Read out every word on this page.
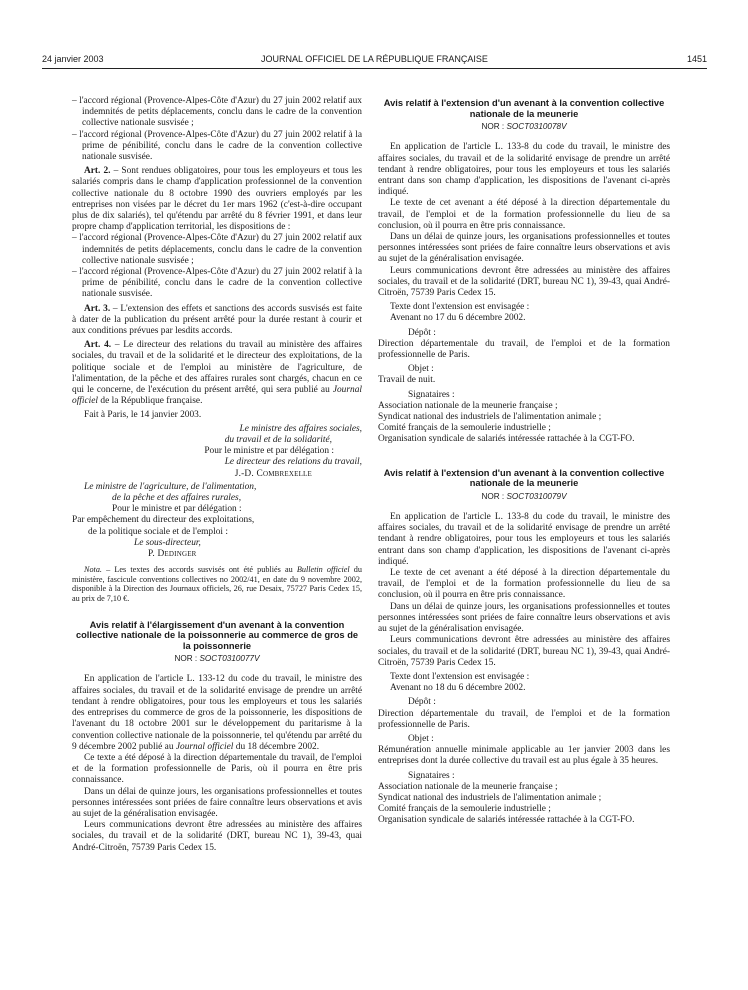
24 janvier 2003	JOURNAL OFFICIEL DE LA RÉPUBLIQUE FRANÇAISE	1451

– l'accord régional (Provence-Alpes-Côte d'Azur) du 27 juin 2002 relatif aux indemnités de petits déplacements, conclu dans le cadre de la convention collective nationale susvisée ;

– l'accord régional (Provence-Alpes-Côte d'Azur) du 27 juin 2002 relatif à la prime de pénibilité, conclu dans le cadre de la convention collective nationale susvisée.

Art. 2. – Sont rendues obligatoires, pour tous les employeurs et tous les salariés compris dans le champ d'application professionnel de la convention collective nationale du 8 octobre 1990 des ouvriers employés par les entreprises non visées par le décret du 1er mars 1962 (c'est-à-dire occupant plus de dix salariés), tel qu'étendu par arrêté du 8 février 1991, et dans leur propre champ d'application territorial, les dispositions de :

– l'accord régional (Provence-Alpes-Côte d'Azur) du 27 juin 2002 relatif aux indemnités de petits déplacements, conclu dans le cadre de la convention collective nationale susvisée ;

– l'accord régional (Provence-Alpes-Côte d'Azur) du 27 juin 2002 relatif à la prime de pénibilité, conclu dans le cadre de la convention collective nationale susvisée.

Art. 3. – L'extension des effets et sanctions des accords susvisés est faite à dater de la publication du présent arrêté pour la durée restant à courir et aux conditions prévues par lesdits accords.

Art. 4. – Le directeur des relations du travail au ministère des affaires sociales, du travail et de la solidarité et le directeur des exploitations, de la politique sociale et de l'emploi au ministère de l'agriculture, de l'alimentation, de la pêche et des affaires rurales sont chargés, chacun en ce qui le concerne, de l'exécution du présent arrêté, qui sera publié au Journal officiel de la République française.

Fait à Paris, le 14 janvier 2003.

Le ministre des affaires sociales,

du travail et de la solidarité,

Pour le ministre et par délégation :

Le directeur des relations du travail,

J.-D. Combrexelle

Le ministre de l'agriculture, de l'alimentation,

de la pêche et des affaires rurales,

Pour le ministre et par délégation :

Par empêchement du directeur des exploitations,

de la politique sociale et de l'emploi :

Le sous-directeur,

P. Dedinger

Nota. – Les textes des accords susvisés ont été publiés au Bulletin officiel du ministère, fascicule conventions collectives no 2002/41, en date du 9 novembre 2002, disponible à la Direction des Journaux officiels, 26, rue Desaix, 75727 Paris Cedex 15, au prix de 7,10 €.

Avis relatif à l'élargissement d'un avenant à la convention collective nationale de la poissonnerie au commerce de gros de la poissonnerie

NOR : SOCT0310077V

En application de l'article L. 133-12 du code du travail, le ministre des affaires sociales, du travail et de la solidarité envisage de prendre un arrêté tendant à rendre obligatoires, pour tous les employeurs et tous les salariés des entreprises du commerce de gros de la poissonnerie, les dispositions de l'avenant du 18 octobre 2001 sur le développement du paritarisme à la convention collective nationale de la poissonnerie, tel qu'étendu par arrêté du 9 décembre 2002 publié au Journal officiel du 18 décembre 2002.

Ce texte a été déposé à la direction départementale du travail, de l'emploi et de la formation professionnelle de Paris, où il pourra en être pris connaissance.

Dans un délai de quinze jours, les organisations professionnelles et toutes personnes intéressées sont priées de faire connaître leurs observations et avis au sujet de la généralisation envisagée.

Leurs communications devront être adressées au ministère des affaires sociales, du travail et de la solidarité (DRT, bureau NC 1), 39-43, quai André-Citroën, 75739 Paris Cedex 15.

Avis relatif à l'extension d'un avenant à la convention collective nationale de la meunerie

NOR : SOCT0310078V

En application de l'article L. 133-8 du code du travail, le ministre des affaires sociales, du travail et de la solidarité envisage de prendre un arrêté tendant à rendre obligatoires, pour tous les employeurs et tous les salariés entrant dans son champ d'application, les dispositions de l'avenant ci-après indiqué.

Le texte de cet avenant a été déposé à la direction départementale du travail, de l'emploi et de la formation professionnelle du lieu de sa conclusion, où il pourra en être pris connaissance.

Dans un délai de quinze jours, les organisations professionnelles et toutes personnes intéressées sont priées de faire connaître leurs observations et avis au sujet de la généralisation envisagée.

Leurs communications devront être adressées au ministère des affaires sociales, du travail et de la solidarité (DRT, bureau NC 1), 39-43, quai André-Citroën, 75739 Paris Cedex 15.

Texte dont l'extension est envisagée :

Avenant no 17 du 6 décembre 2002.

Dépôt :

Direction départementale du travail, de l'emploi et de la formation professionnelle de Paris.

Objet :

Travail de nuit.

Signataires :

Association nationale de la meunerie française ;

Syndicat national des industriels de l'alimentation animale ;

Comité français de la semoulerie industrielle ;

Organisation syndicale de salariés intéressée rattachée à la CGT-FO.

Avis relatif à l'extension d'un avenant à la convention collective nationale de la meunerie

NOR : SOCT0310079V

En application de l'article L. 133-8 du code du travail, le ministre des affaires sociales, du travail et de la solidarité envisage de prendre un arrêté tendant à rendre obligatoires, pour tous les employeurs et tous les salariés entrant dans son champ d'application, les dispositions de l'avenant ci-après indiqué.

Le texte de cet avenant a été déposé à la direction départementale du travail, de l'emploi et de la formation professionnelle du lieu de sa conclusion, où il pourra en être pris connaissance.

Dans un délai de quinze jours, les organisations professionnelles et toutes personnes intéressées sont priées de faire connaître leurs observations et avis au sujet de la généralisation envisagée.

Leurs communications devront être adressées au ministère des affaires sociales, du travail et de la solidarité (DRT, bureau NC 1), 39-43, quai André-Citroën, 75739 Paris Cedex 15.

Texte dont l'extension est envisagée :

Avenant no 18 du 6 décembre 2002.

Dépôt :

Direction départementale du travail, de l'emploi et de la formation professionnelle de Paris.

Objet :

Rémunération annuelle minimale applicable au 1er janvier 2003 dans les entreprises dont la durée collective du travail est au plus égale à 35 heures.

Signataires :

Association nationale de la meunerie française ;

Syndicat national des industriels de l'alimentation animale ;

Comité français de la semoulerie industrielle ;

Organisation syndicale de salariés intéressée rattachée à la CGT-FO.
